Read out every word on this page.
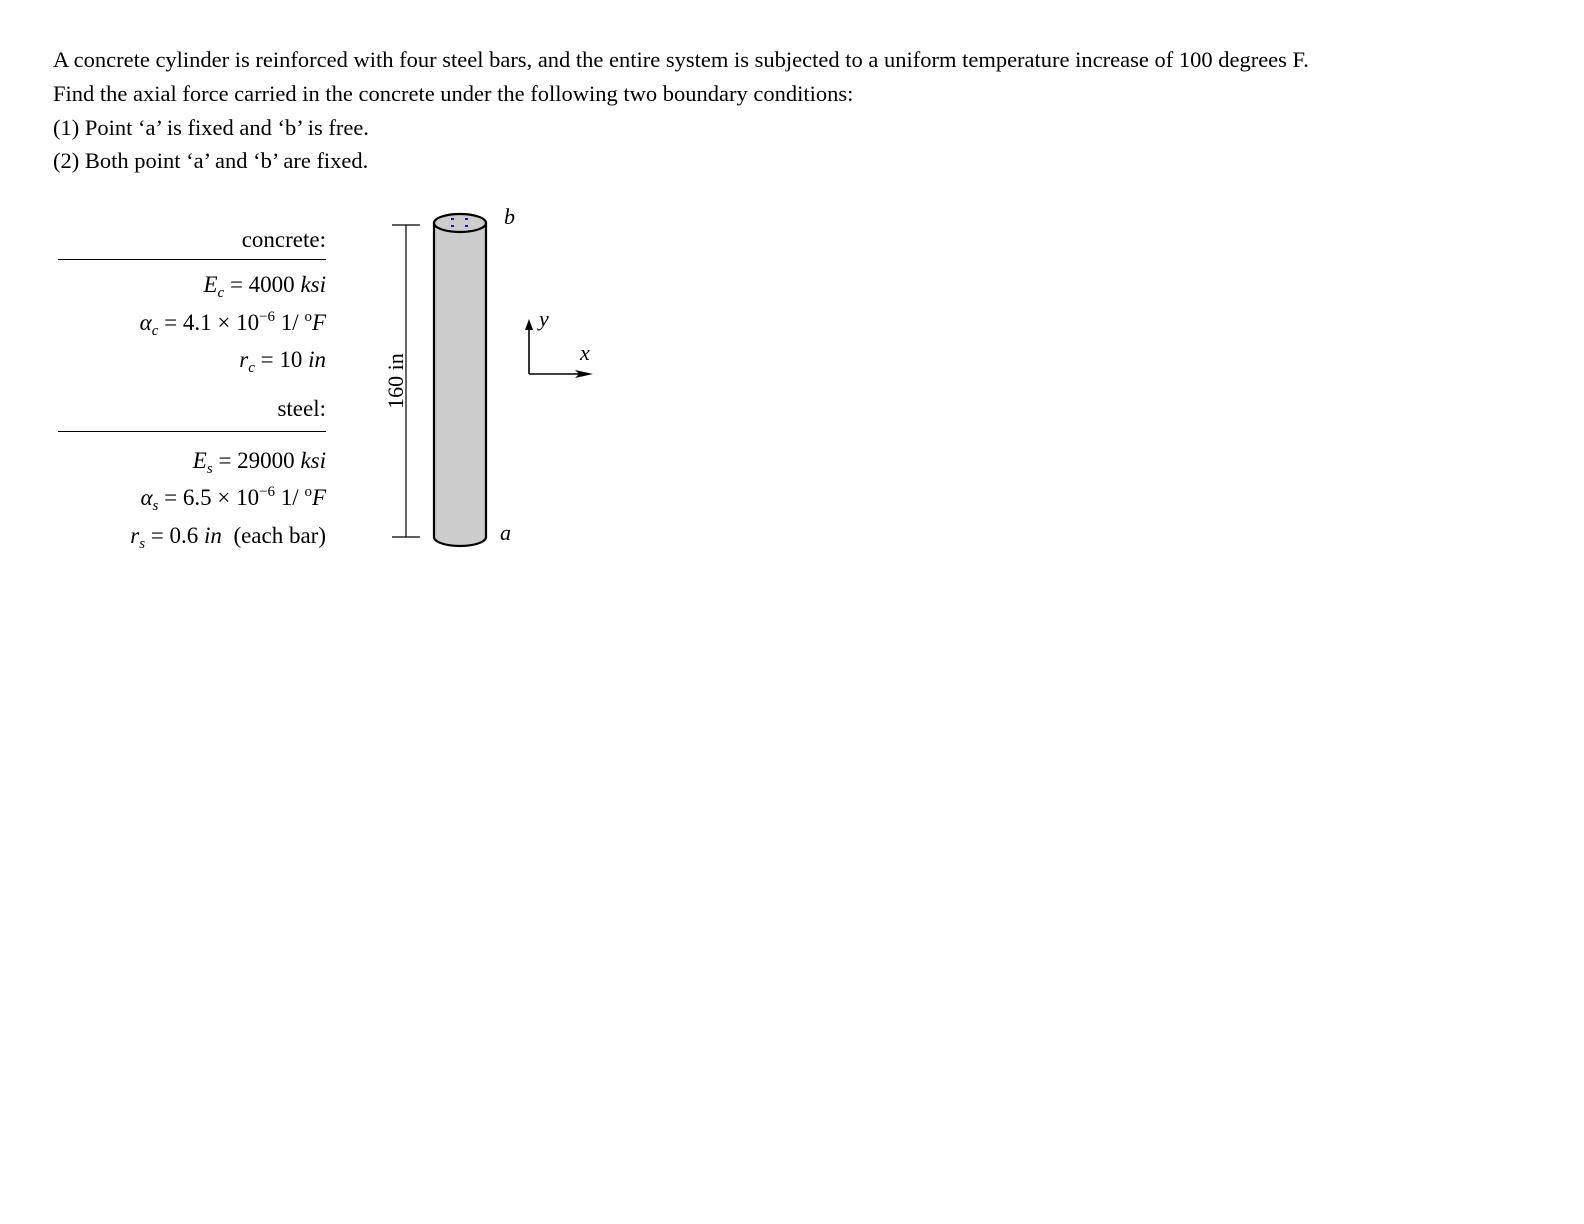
A concrete cylinder is reinforced with four steel bars, and the entire system is subjected to a uniform temperature increase of 100 degrees F.
Find the axial force carried in the concrete under the following two boundary conditions:
(1) Point ‘a’ is fixed and ‘b’ is free.
(2) Both point ‘a’ and ‘b’ are fixed.
concrete:
$E_c = 4000$ ksi
$\alpha_c = 4.1 \times 10^{-6}$ 1/ $^o$F
$r_c = 10$ in
steel:
$E_s = 29000$ ksi
$\alpha_s = 6.5 \times 10^{-6}$ 1/ $^o$F
$r_s = 0.6$ in  (each bar)
160 in
b
a
y
x
